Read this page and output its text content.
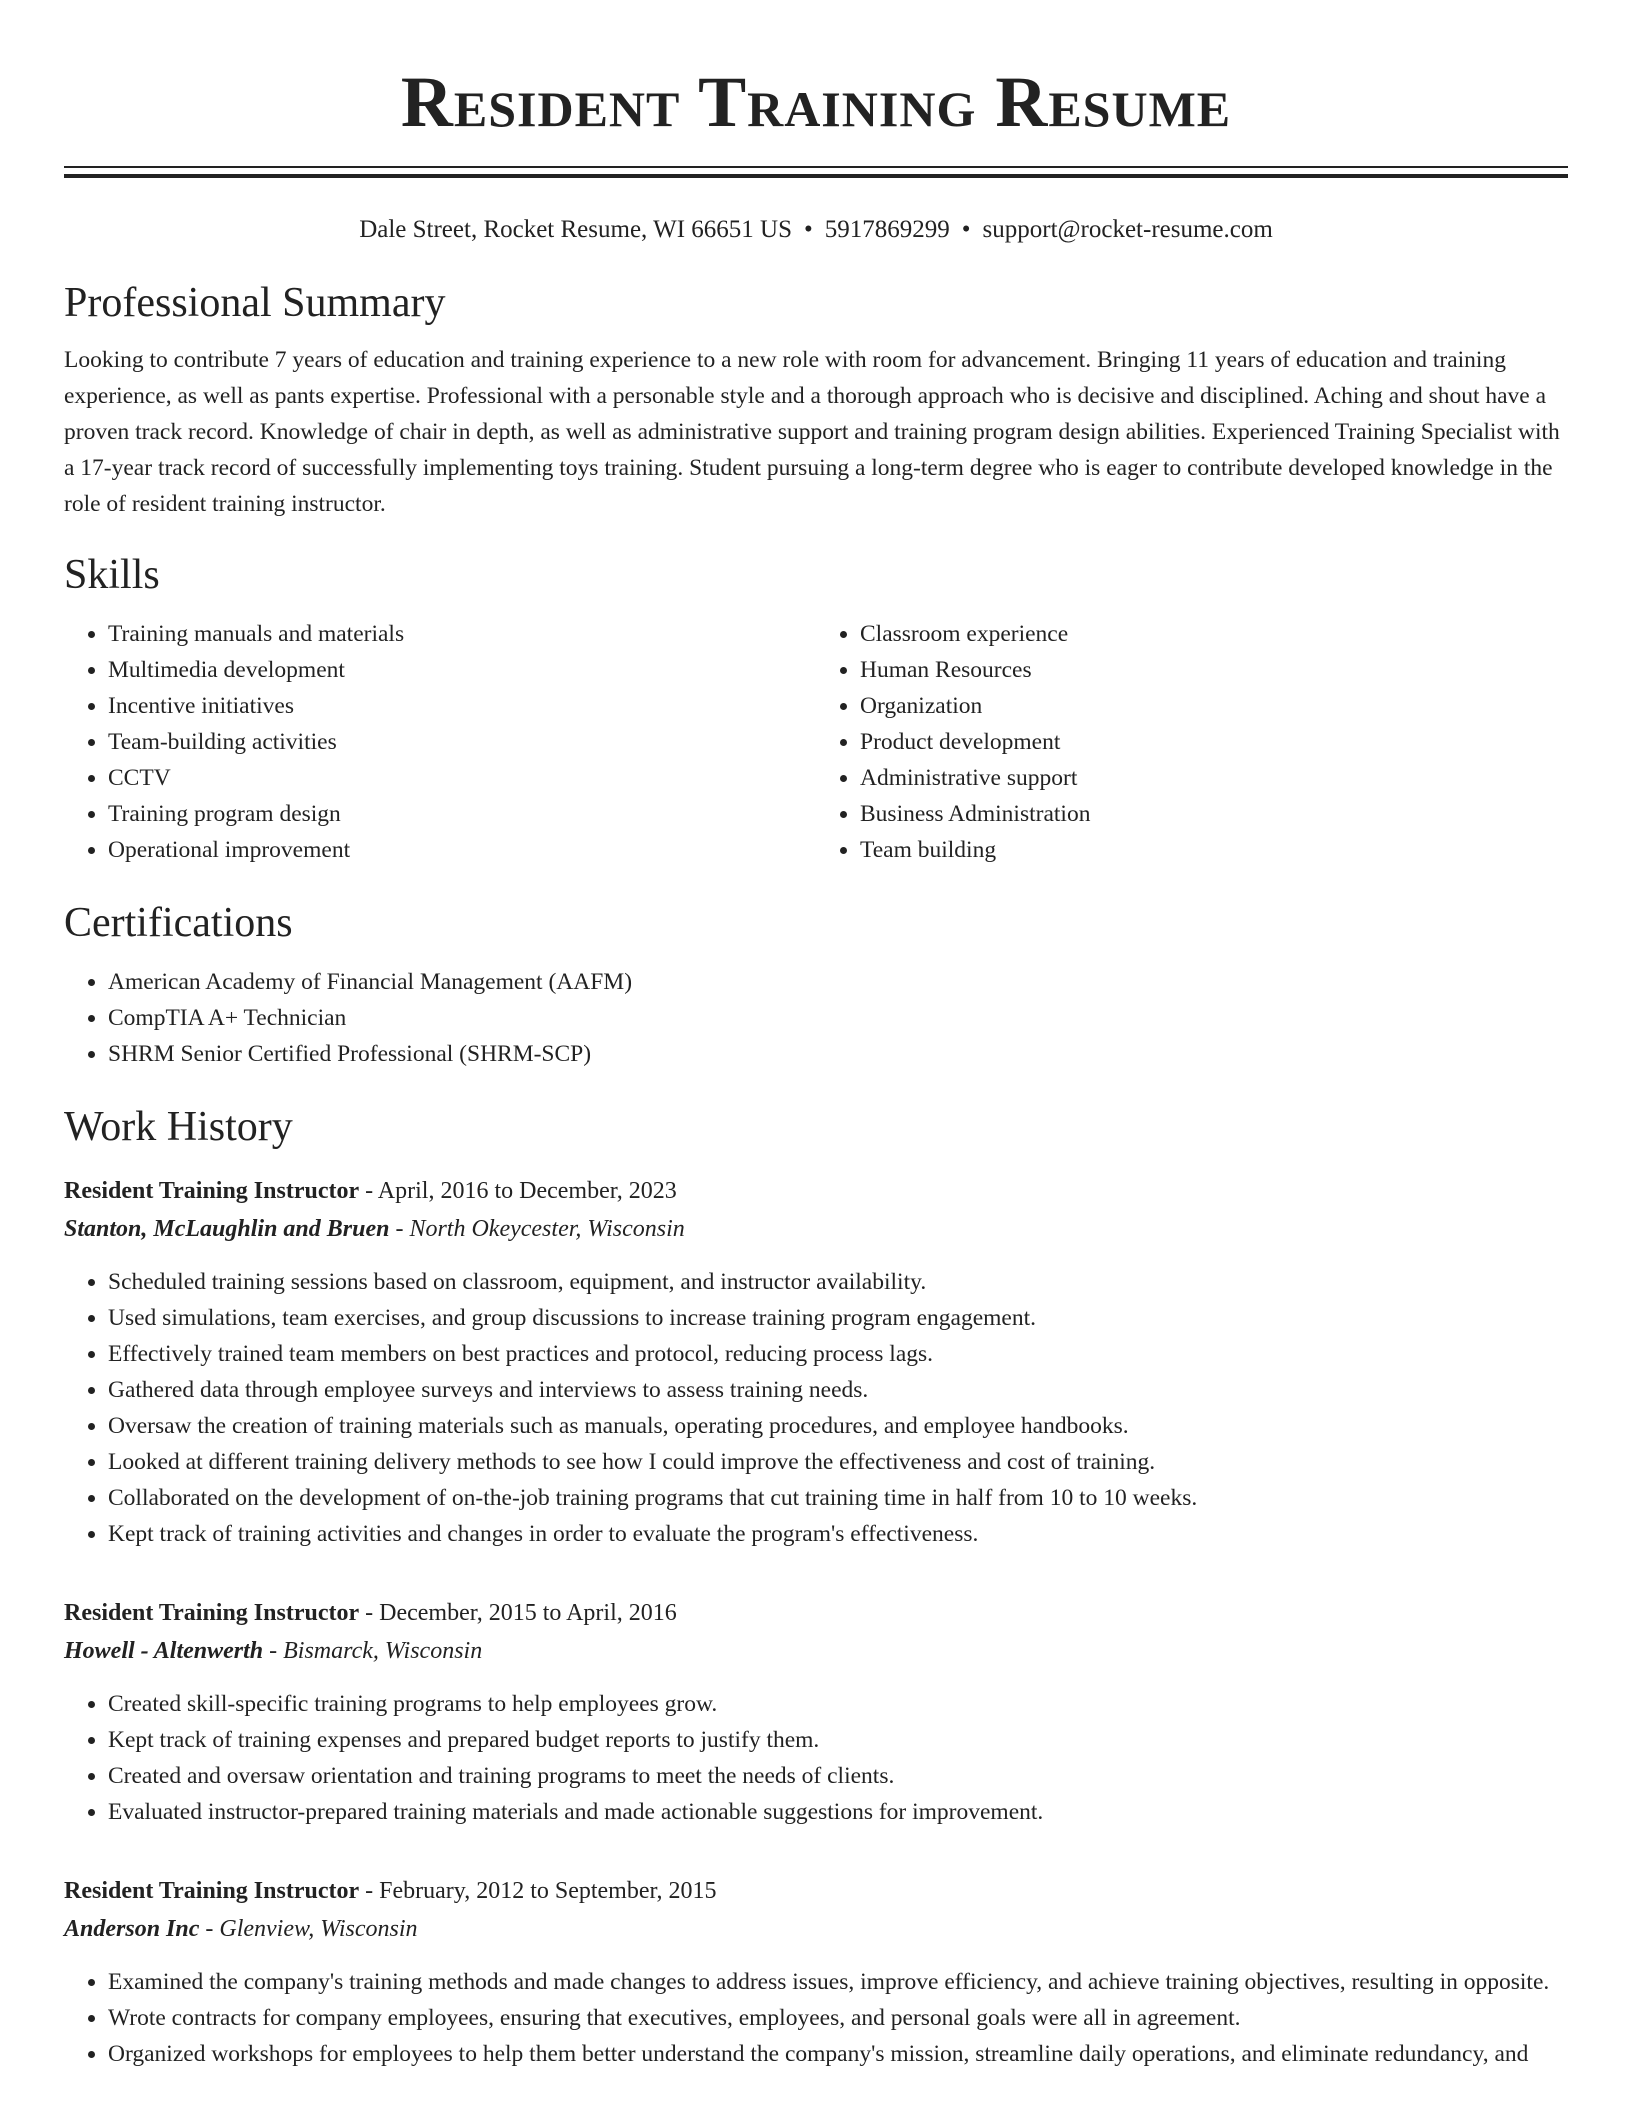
Resident Training Resume
Dale Street, Rocket Resume, WI 66651 US • 5917869299 • support@rocket-resume.com
Professional Summary

Looking to contribute 7 years of education and training experience to a new role with room for advancement. Bringing 11 years of education and training experience, as well as pants expertise. Professional with a personable style and a thorough approach who is decisive and disciplined. Aching and shout have a proven track record. Knowledge of chair in depth, as well as administrative support and training program design abilities. Experienced Training Specialist with a 17-year track record of successfully implementing toys training. Student pursuing a long-term degree who is eager to contribute developed knowledge in the role of resident training instructor.

Skills
• Training manuals and materials
• Multimedia development
• Incentive initiatives
• Team-building activities
• CCTV
• Training program design
• Operational improvement
• Classroom experience
• Human Resources
• Organization
• Product development
• Administrative support
• Business Administration
• Team building
Certifications
• American Academy of Financial Management (AAFM)
• CompTIA A+ Technician
• SHRM Senior Certified Professional (SHRM-SCP)
Work History
Resident Training Instructor - April, 2016 to December, 2023
Stanton, McLaughlin and Bruen - North Okeycester, Wisconsin
• Scheduled training sessions based on classroom, equipment, and instructor availability.
• Used simulations, team exercises, and group discussions to increase training program engagement.
• Effectively trained team members on best practices and protocol, reducing process lags.
• Gathered data through employee surveys and interviews to assess training needs.
• Oversaw the creation of training materials such as manuals, operating procedures, and employee handbooks.
• Looked at different training delivery methods to see how I could improve the effectiveness and cost of training.
• Collaborated on the development of on-the-job training programs that cut training time in half from 10 to 10 weeks.
• Kept track of training activities and changes in order to evaluate the program's effectiveness.
Resident Training Instructor - December, 2015 to April, 2016
Howell - Altenwerth - Bismarck, Wisconsin
• Created skill-specific training programs to help employees grow.
• Kept track of training expenses and prepared budget reports to justify them.
• Created and oversaw orientation and training programs to meet the needs of clients.
• Evaluated instructor-prepared training materials and made actionable suggestions for improvement.
Resident Training Instructor - February, 2012 to September, 2015
Anderson Inc - Glenview, Wisconsin
• Examined the company's training methods and made changes to address issues, improve efficiency, and achieve training objectives, resulting in opposite.
• Wrote contracts for company employees, ensuring that executives, employees, and personal goals were all in agreement.
• Organized workshops for employees to help them better understand the company's mission, streamline daily operations, and eliminate redundancy, and
